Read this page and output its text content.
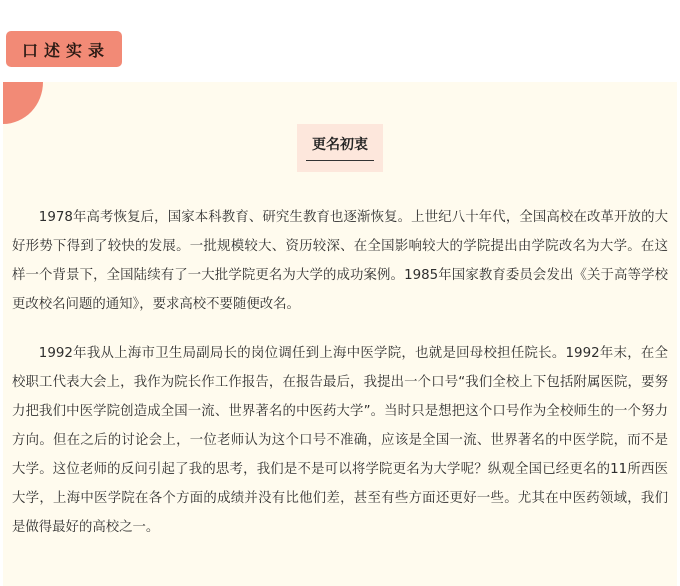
口述实录
更名初衷

1978年高考恢复后，国家本科教育、研究生教育也逐渐恢复。上世纪八十年代，全国高校在改革开放的大好形势下得到了较快的发展。一批规模较大、资历较深、在全国影响较大的学院提出由学院改名为大学。在这样一个背景下，全国陆续有了一大批学院更名为大学的成功案例。1985年国家教育委员会发出《关于高等学校更改校名问题的通知》，要求高校不要随便改名。

1992年我从上海市卫生局副局长的岗位调任到上海中医学院，也就是回母校担任院长。1992年末，在全校职工代表大会上，我作为院长作工作报告，在报告最后，我提出一个口号“我们全校上下包括附属医院，要努力把我们中医学院创造成全国一流、世界著名的中医药大学”。当时只是想把这个口号作为全校师生的一个努力方向。但在之后的讨论会上，一位老师认为这个口号不准确，应该是全国一流、世界著名的中医学院，而不是大学。这位老师的反问引起了我的思考，我们是不是可以将学院更名为大学呢？纵观全国已经更名的11所西医大学，上海中医学院在各个方面的成绩并没有比他们差，甚至有些方面还更好一些。尤其在中医药领域，我们是做得最好的高校之一。
